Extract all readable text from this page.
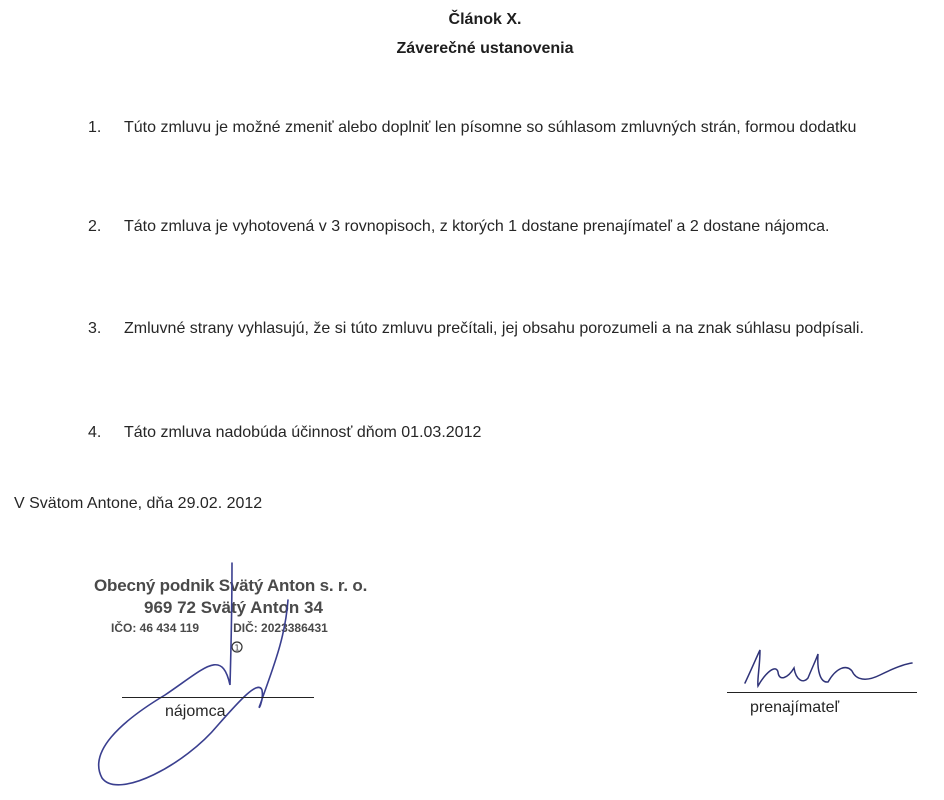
Článok X.
Záverečné ustanovenia
1.	Túto zmluvu je možné zmeniť alebo doplniť len písomne so súhlasom zmluvných strán, formou dodatku
2.	Táto zmluva je vyhotovená v 3 rovnopisoch, z ktorých 1 dostane prenajímateľ a 2 dostane nájomca.
3.	Zmluvné strany vyhlasujú, že si túto zmluvu prečítali, jej obsahu porozumeli a na znak súhlasu podpísali.
4.	Táto zmluva nadobúda účinnosť dňom 01.03.2012
V Svätom Antone, dňa 29.02. 2012
Obecný podnik Svätý Anton s. r. o.
969 72 Svätý Anton 34
IČO: 46 434 119	DIČ: 2023386431
1
nájomca	prenajímateľ
